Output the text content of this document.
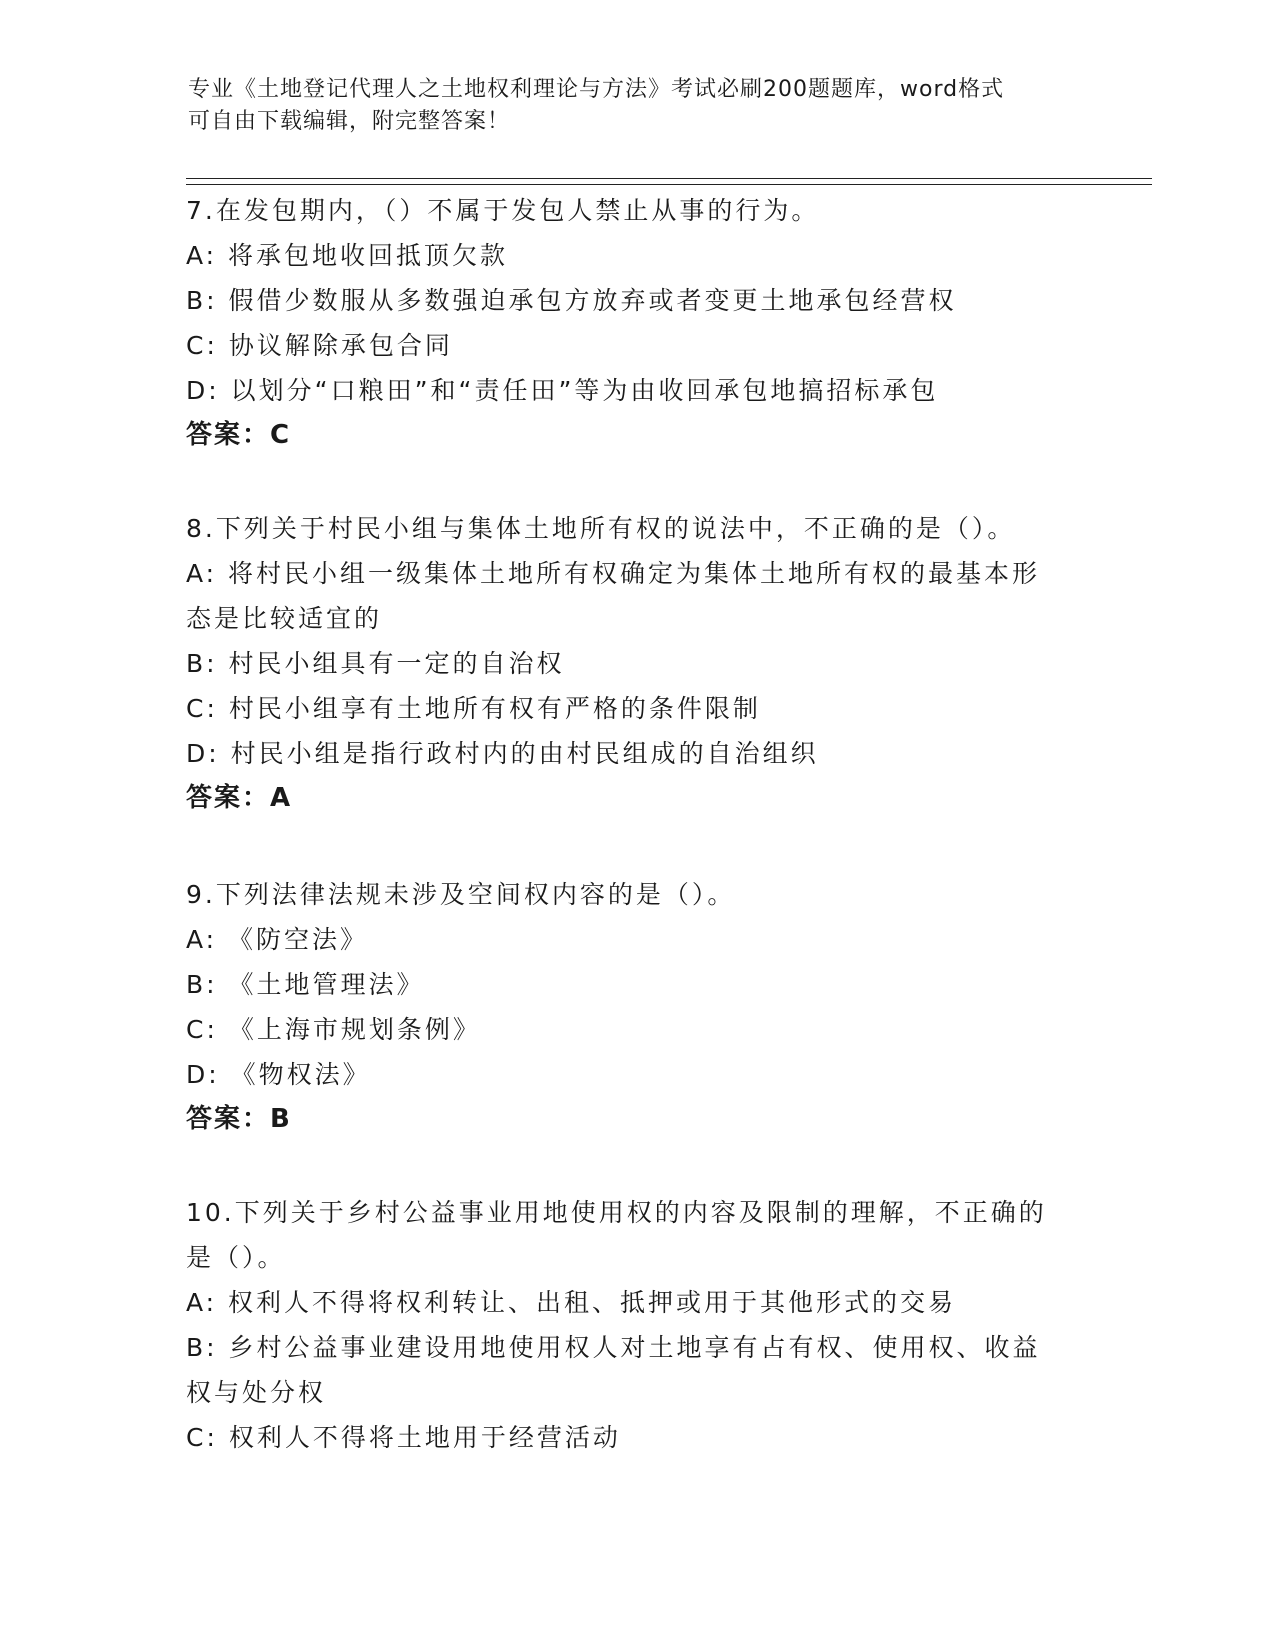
专业《土地登记代理人之土地权利理论与方法》考试必刷200题题库，word格式
可自由下载编辑，附完整答案！
7.在发包期内，（）不属于发包人禁止从事的行为。
A: 将承包地收回抵顶欠款
B: 假借少数服从多数强迫承包方放弃或者变更土地承包经营权
C: 协议解除承包合同
D: 以划分“口粮田”和“责任田”等为由收回承包地搞招标承包
答案：C
8.下列关于村民小组与集体土地所有权的说法中，不正确的是（）。
A: 将村民小组一级集体土地所有权确定为集体土地所有权的最基本形
态是比较适宜的
B: 村民小组具有一定的自治权
C: 村民小组享有土地所有权有严格的条件限制
D: 村民小组是指行政村内的由村民组成的自治组织
答案：A
9.下列法律法规未涉及空间权内容的是（）。
A: 《防空法》
B: 《土地管理法》
C: 《上海市规划条例》
D: 《物权法》
答案：B
10.下列关于乡村公益事业用地使用权的内容及限制的理解，不正确的
是（）。
A: 权利人不得将权利转让、出租、抵押或用于其他形式的交易
B: 乡村公益事业建设用地使用权人对土地享有占有权、使用权、收益
权与处分权
C: 权利人不得将土地用于经营活动
